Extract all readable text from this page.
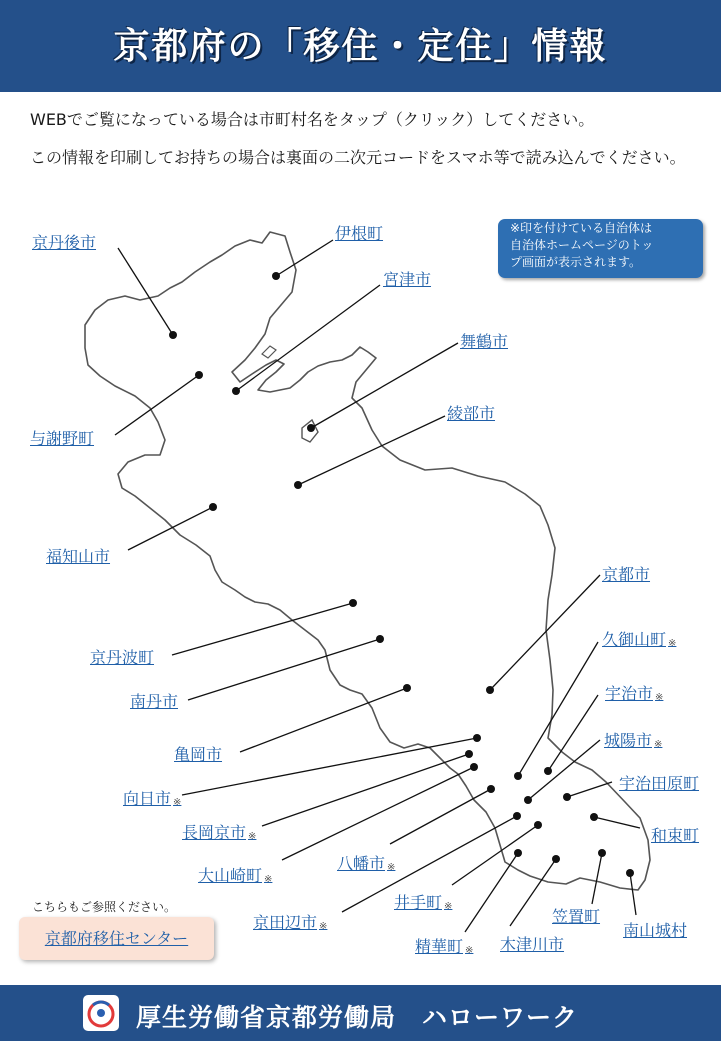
京都府の「移住・定住」情報
WEBでご覧になっている場合は市町村名をタップ（クリック）してください。
この情報を印刷してお持ちの場合は裏面の二次元コードをスマホ等で読み込んでください。
京丹後市	伊根町
宮津市
舞鶴市
与謝野町
綾部市
福知山市
京都市
久御山町 ※
京丹波町
南丹市	宇治市 ※
亀岡市
城陽市 ※
向日市 ※
宇治田原町
和束町
長岡京市 ※
大山崎町 ※
八幡市 ※
井手町 ※
笠置町
京田辺市 ※	南山城村
精華町 ※ 木津川市
※印を付けている自治体は
自治体ホームページのトッ
プ画面が表示されます。
こちらもご参照ください。
京都府移住センター
厚生労働省京都労働局　ハローワーク
